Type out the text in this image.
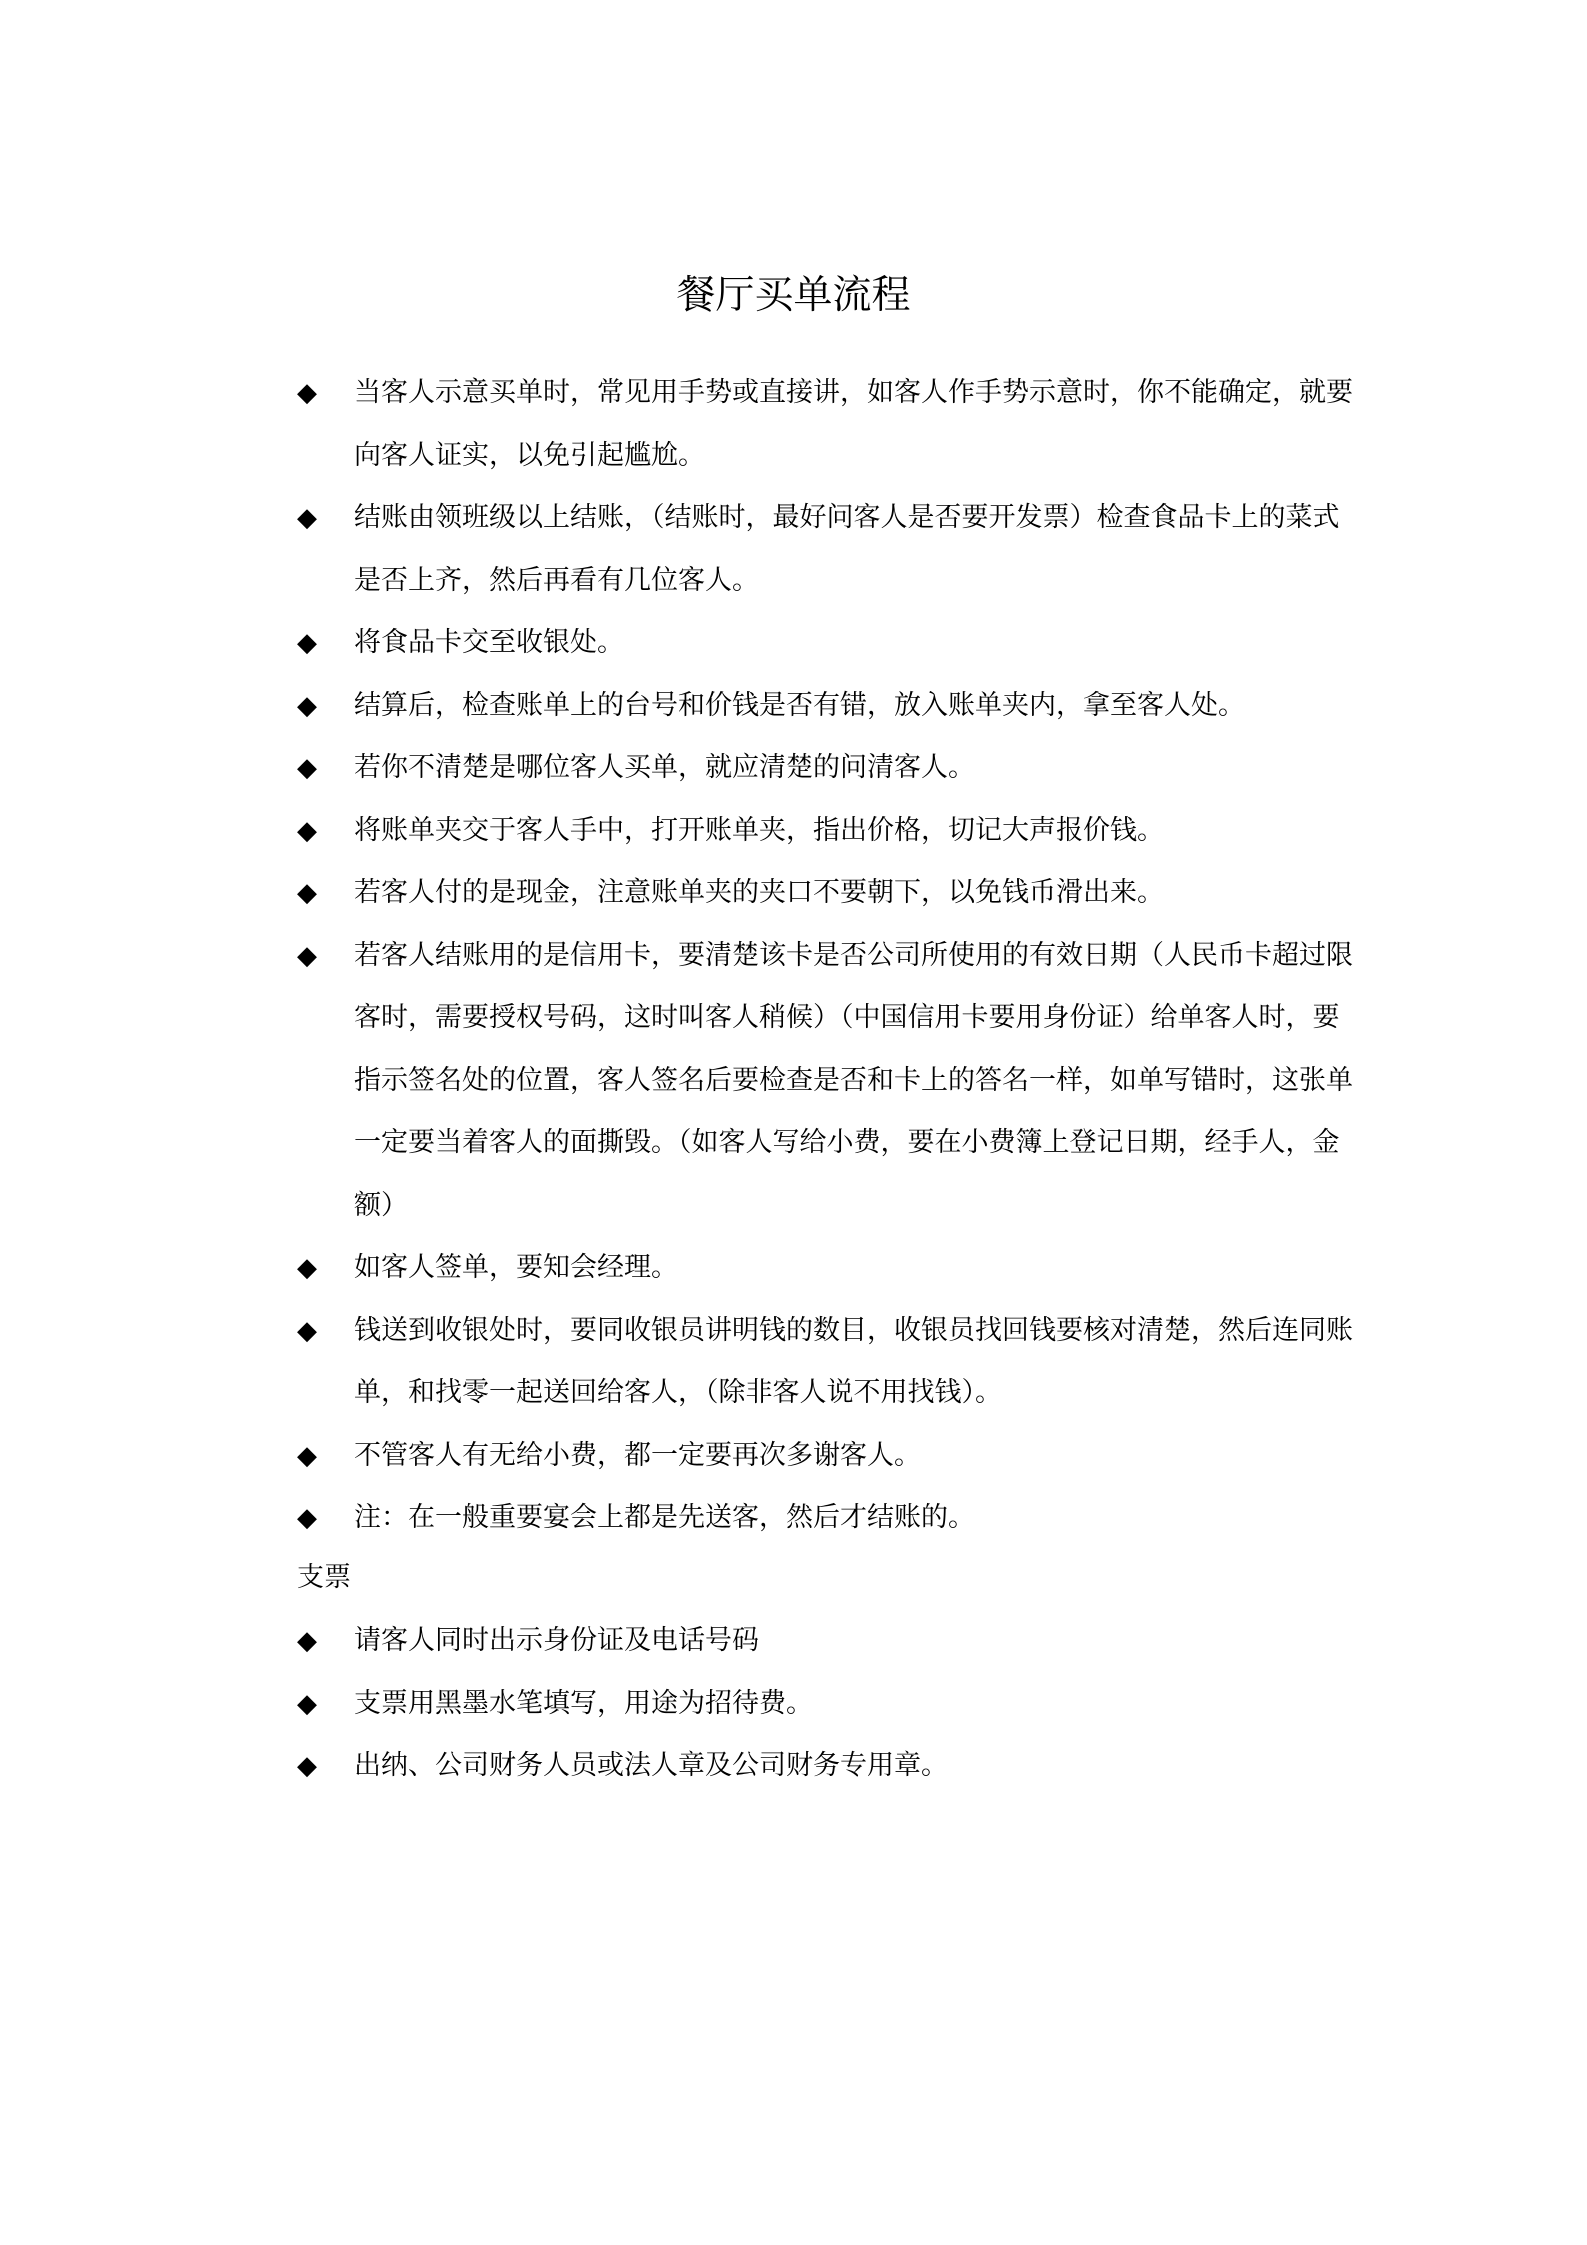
餐厅买单流程
◆ 当客人示意买单时，常见用手势或直接讲，如客人作手势示意时，你不能确定，就要向客人证实，以免引起尴尬。
◆ 结账由领班级以上结账，（结账时，最好问客人是否要开发票）检查食品卡上的菜式是否上齐，然后再看有几位客人。
◆ 将食品卡交至收银处。
◆ 结算后，检查账单上的台号和价钱是否有错，放入账单夹内，拿至客人处。
◆ 若你不清楚是哪位客人买单，就应清楚的问清客人。
◆ 将账单夹交于客人手中，打开账单夹，指出价格，切记大声报价钱。
◆ 若客人付的是现金，注意账单夹的夹口不要朝下，以免钱币滑出来。
◆ 若客人结账用的是信用卡，要清楚该卡是否公司所使用的有效日期（人民币卡超过限客时，需要授权号码，这时叫客人稍候）（中国信用卡要用身份证）给单客人时，要指示签名处的位置，客人签名后要检查是否和卡上的答名一样，如单写错时，这张单一定要当着客人的面撕毁。（如客人写给小费，要在小费簿上登记日期，经手人，金额）
◆ 如客人签单，要知会经理。
◆ 钱送到收银处时，要同收银员讲明钱的数目，收银员找回钱要核对清楚，然后连同账单，和找零一起送回给客人，（除非客人说不用找钱）。
◆ 不管客人有无给小费，都一定要再次多谢客人。
◆ 注：在一般重要宴会上都是先送客，然后才结账的。
支票
◆ 请客人同时出示身份证及电话号码
◆ 支票用黑墨水笔填写，用途为招待费。
◆ 出纳、公司财务人员或法人章及公司财务专用章。
